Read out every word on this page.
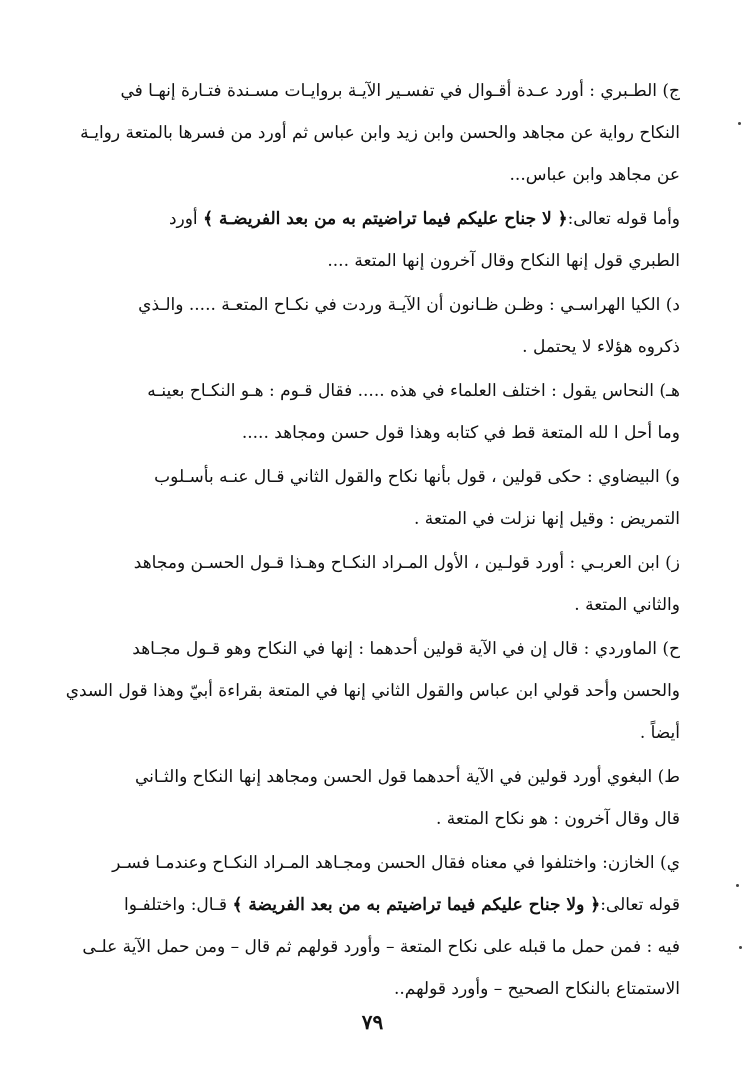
ج) الطـبري : أورد عـدة أقـوال في تفسـير الآيـة بروايـات مسـندة فتـارة إنهـا في
النكاح رواية عن مجاهد والحسن وابن زيد وابن عباس ثم أورد من فسرها بالمتعة روايـة
عن مجاهد وابن عباس...

وأما قوله تعالى:﴿ لا جناح عليكم فيما تراضيتم به من بعد الفريضـة ﴾ أورد
الطبري قول إنها النكاح وقال آخرون إنها المتعة ....

د) الكيا الهراسـي : وظـن ظـانون أن الآيـة وردت في نكـاح المتعـة ..... والـذي
ذكروه هؤلاء لا يحتمل .

هـ) النحاس يقول : اختلف العلماء في هذه ..... فقال قـوم : هـو النكـاح بعينـه
وما أحل ا لله المتعة قط في كتابه وهذا قول حسن ومجاهد .....

و) البيضاوي : حكى قولين ، قول بأنها نكاح والقول الثاني قـال عنـه بأسـلوب
التمريض : وقيل إنها نزلت في المتعة .

ز) ابن العربـي : أورد قولـين ، الأول المـراد النكـاح وهـذا قـول الحسـن ومجاهد
والثاني المتعة .

ح) الماوردي : قال إن في الآية قولين أحدهما : إنها في النكاح وهو قـول مجـاهد
والحسن وأحد قولي ابن عباس والقول الثاني إنها في المتعة بقراءة أبيّ وهذا قول السدي
أيضاً .

ط) البغوي أورد قولين في الآية أحدهما قول الحسن ومجاهد إنها النكاح والثـاني
قال وقال آخرون : هو نكاح المتعة .

ي) الخازن: واختلفوا في معناه فقال الحسن ومجـاهد المـراد النكـاح وعندمـا فسـر
قوله تعالى:﴿ ولا جناح عليكم فيما تراضيتم به من بعد الفريضة ﴾ قـال: واختلفـوا
فيه : فمن حمل ما قبله على نكاح المتعة – وأورد قولهم ثم قال – ومن حمل الآية علـى
الاستمتاع بالنكاح الصحيح – وأورد قولهم..

٧٩
